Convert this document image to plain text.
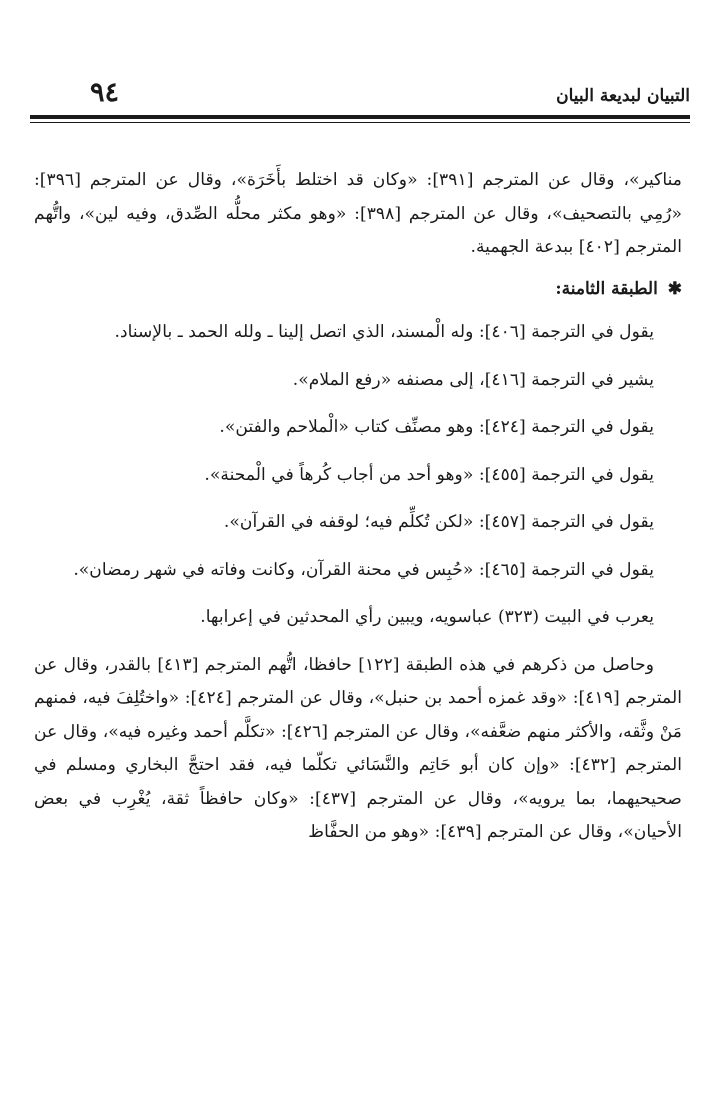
٩٤	التبيان لبديعة البيان

مناكير»، وقال عن المترجم [٣٩١]: «وكان قد اختلط بأَخَرَة»، وقال عن المترجم [٣٩٦]: «رُمِي بالتصحيف»، وقال عن المترجم [٣٩٨]: «وهو مكثر محلُّه الصِّدق، وفيه لين»، واتُّهم المترجم [٤٠٢] ببدعة الجهمية.

✱ الطبقة الثامنة:

يقول في الترجمة [٤٠٦]: وله الْمسند، الذي اتصل إلينا ـ ولله الحمد ـ بالإسناد.

يشير في الترجمة [٤١٦]، إلى مصنفه «رفع الملام».

يقول في الترجمة [٤٢٤]: وهو مصنِّف كتاب «الْملاحم والفتن».

يقول في الترجمة [٤٥٥]: «وهو أحد من أجاب كُرهاً في الْمحنة».

يقول في الترجمة [٤٥٧]: «لكن تُكلِّم فيه؛ لوقفه في القرآن».

يقول في الترجمة [٤٦٥]: «حُبِس في محنة القرآن، وكانت وفاته في شهر رمضان».

يعرب في البيت (٣٢٣) عباسويه، ويبين رأي المحدثين في إعرابها.

وحاصل من ذكرهم في هذه الطبقة [١٢٢] حافظا، اتُّهم المترجم [٤١٣] بالقدر، وقال عن المترجم [٤١٩]: «وقد غمزه أحمد بن حنبل»، وقال عن المترجم [٤٢٤]: «واختُلِفَ فيه، فمنهم مَنْ وثَّقه، والأكثر منهم ضعَّفه»، وقال عن المترجم [٤٢٦]: «تكلَّم أحمد وغيره فيه»، وقال عن المترجم [٤٣٢]: «وإن كان أبو حَاتِم والنَّسَائي تكلّما فيه، فقد احتجَّ البخاري ومسلم في صحيحيهما، بما يرويه»، وقال عن المترجم [٤٣٧]: «وكان حافظاً ثقة، يُغْرِب في بعض الأحيان»، وقال عن المترجم [٤٣٩]: «وهو من الحفَّاظ
